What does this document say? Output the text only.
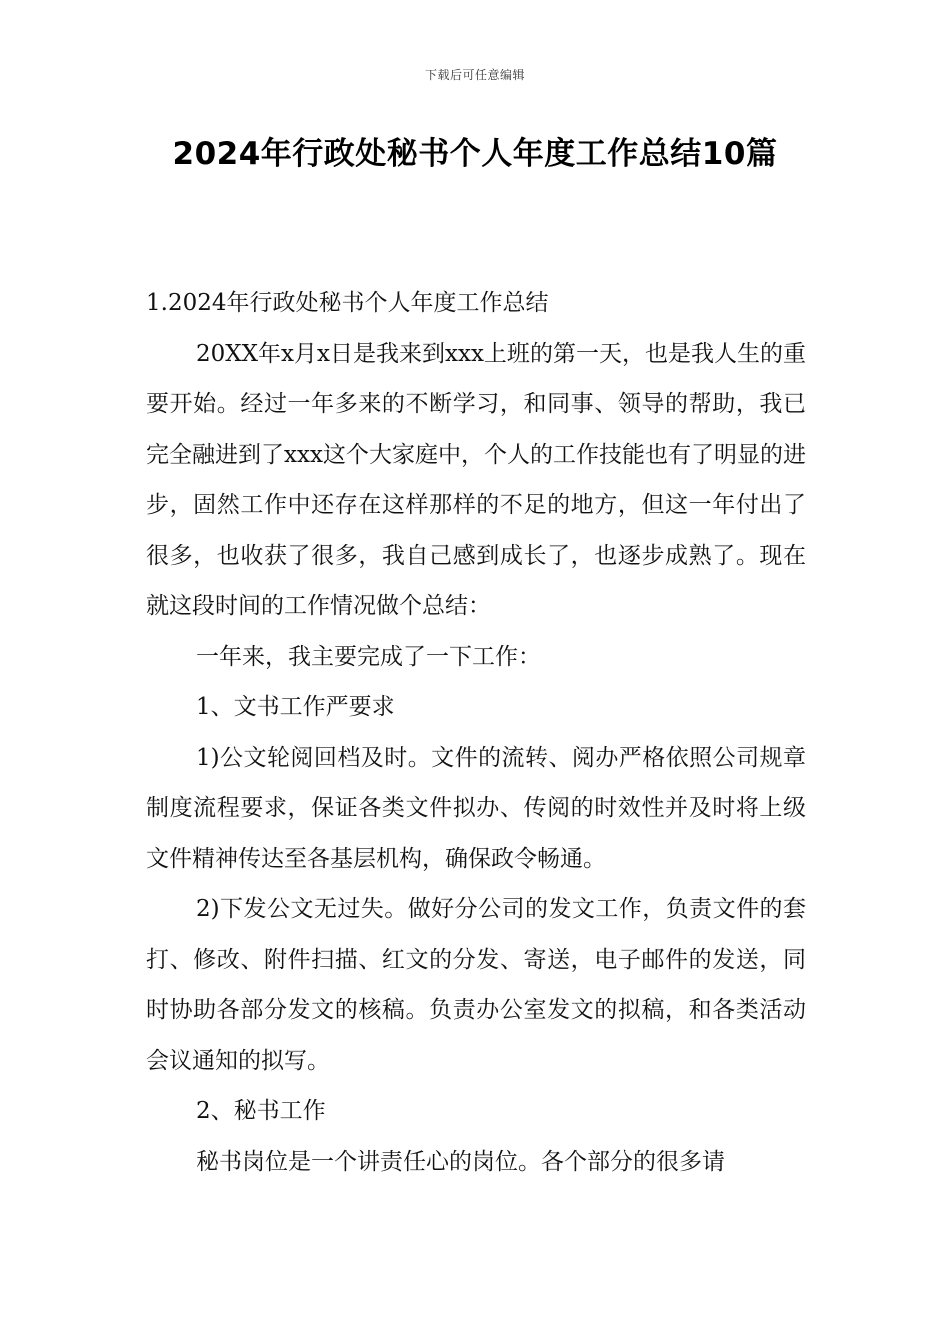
下载后可任意编辑
2024年行政处秘书个人年度工作总结10篇

1.2024年行政处秘书个人年度工作总结

20XX年x月x日是我来到xxx上班的第一天，也是我人生的重要开始。经过一年多来的不断学习，和同事、领导的帮助，我已完全融进到了xxx这个大家庭中，个人的工作技能也有了明显的进步，固然工作中还存在这样那样的不足的地方，但这一年付出了很多，也收获了很多，我自己感到成长了，也逐步成熟了。现在就这段时间的工作情况做个总结：

一年来，我主要完成了一下工作：

1、文书工作严要求

1)公文轮阅回档及时。文件的流转、阅办严格依照公司规章制度流程要求，保证各类文件拟办、传阅的时效性并及时将上级文件精神传达至各基层机构，确保政令畅通。

2)下发公文无过失。做好分公司的发文工作，负责文件的套打、修改、附件扫描、红文的分发、寄送，电子邮件的发送，同时协助各部分发文的核稿。负责办公室发文的拟稿，和各类活动会议通知的拟写。

2、秘书工作

秘书岗位是一个讲责任心的岗位。各个部分的很多请
